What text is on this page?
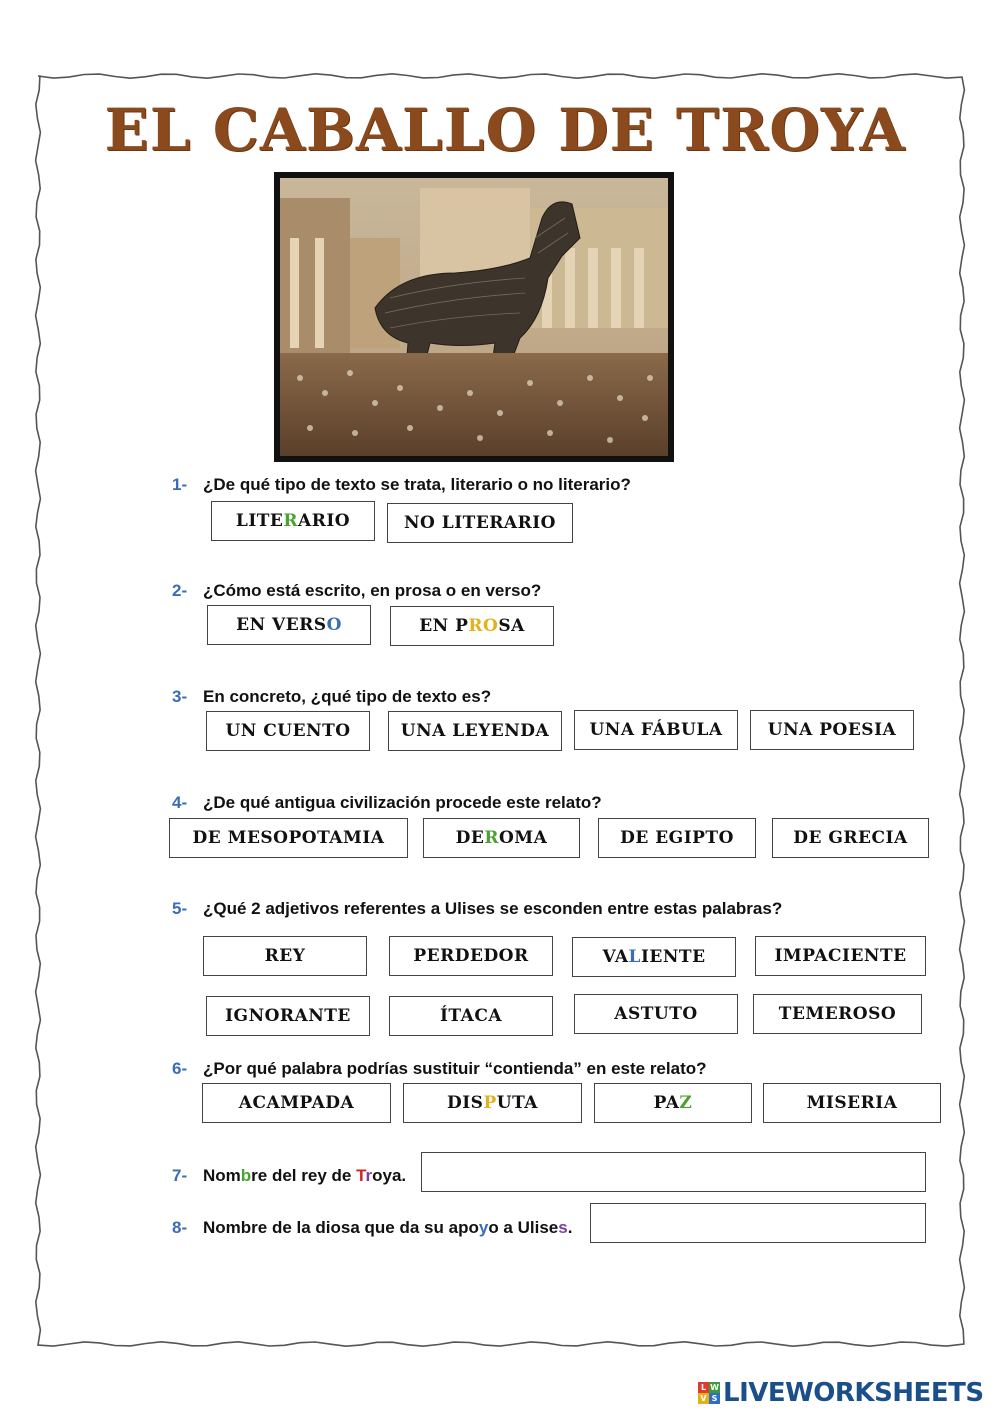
EL CABALLO DE TROYA
1- ¿De qué tipo de texto se trata, literario o no literario?
LITE R ARIO	NO LITERARIO
2- ¿Cómo está escrito, en prosa o en verso?
EN VERS O	EN P RO SA
3- En concreto, ¿qué tipo de texto es?
UN CUENTO	UNA LEYENDA UNA FÁBULA	UNA POESIA
4- ¿De qué antigua civilización procede este relato?
DE MESOPOTAMIA	DE R OMA	DE EGIPTO	DE GRECIA
5- ¿Qué 2 adjetivos referentes a Ulises se esconden entre estas palabras?
REY	PERDEDOR	VA L IENTE	IMPACIENTE
IGNORANTE	ÍTACA	ASTUTO	TEMEROSO
6- ¿Por qué palabra podrías sustituir “contienda” en este relato?
ACAMPADA	DIS P UTA	PA Z	MISERIA
7- Nombre del rey de Troya.
8- Nombre de la diosa que da su apoyo a Ulises.
L W
V S LIVEWORKSHEETS
